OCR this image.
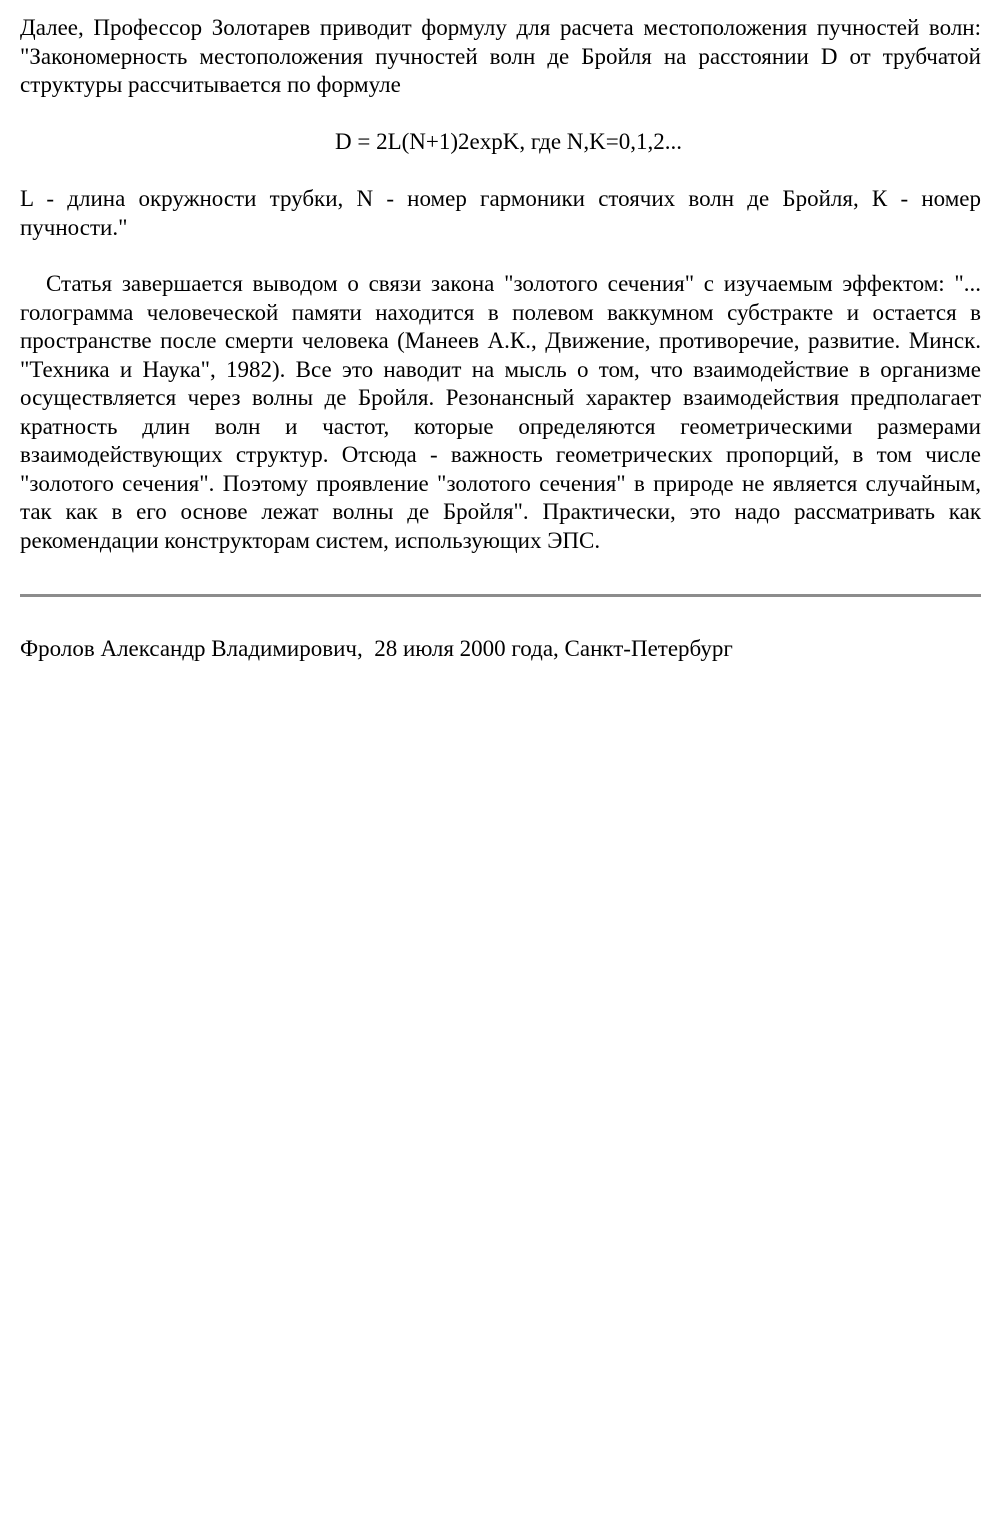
Далее, Профессор Золотарев приводит формулу для расчета местоположения пучностей волн: "Закономерность местоположения пучностей волн де Бройля на расстоянии D от трубчатой структуры рассчитывается по формуле

D = 2L(N+1)2expK, где N,K=0,1,2...

L - длина окружности трубки, N - номер гармоники стоячих волн де Бройля, К - номер пучности."

Статья завершается выводом о связи закона "золотого сечения" с изучаемым эффектом: "... голограмма человеческой памяти находится в полевом ваккумном субстракте и остается в пространстве после смерти человека (Манеев А.К., Движение, противоречие, развитие. Минск. "Техника и Наука", 1982). Все это наводит на мысль о том, что взаимодействие в организме осуществляется через волны де Бройля. Резонансный характер взаимодействия предполагает кратность длин волн и частот, которые определяются геометрическими размерами взаимодействующих структур. Отсюда - важность геометрических пропорций, в том числе "золотого сечения". Поэтому проявление "золотого сечения" в природе не является случайным, так как в его основе лежат волны де Бройля". Практически, это надо рассматривать как рекомендации конструкторам систем, использующих ЭПС.

Фролов Александр Владимирович,  28 июля 2000 года, Санкт-Петербург
